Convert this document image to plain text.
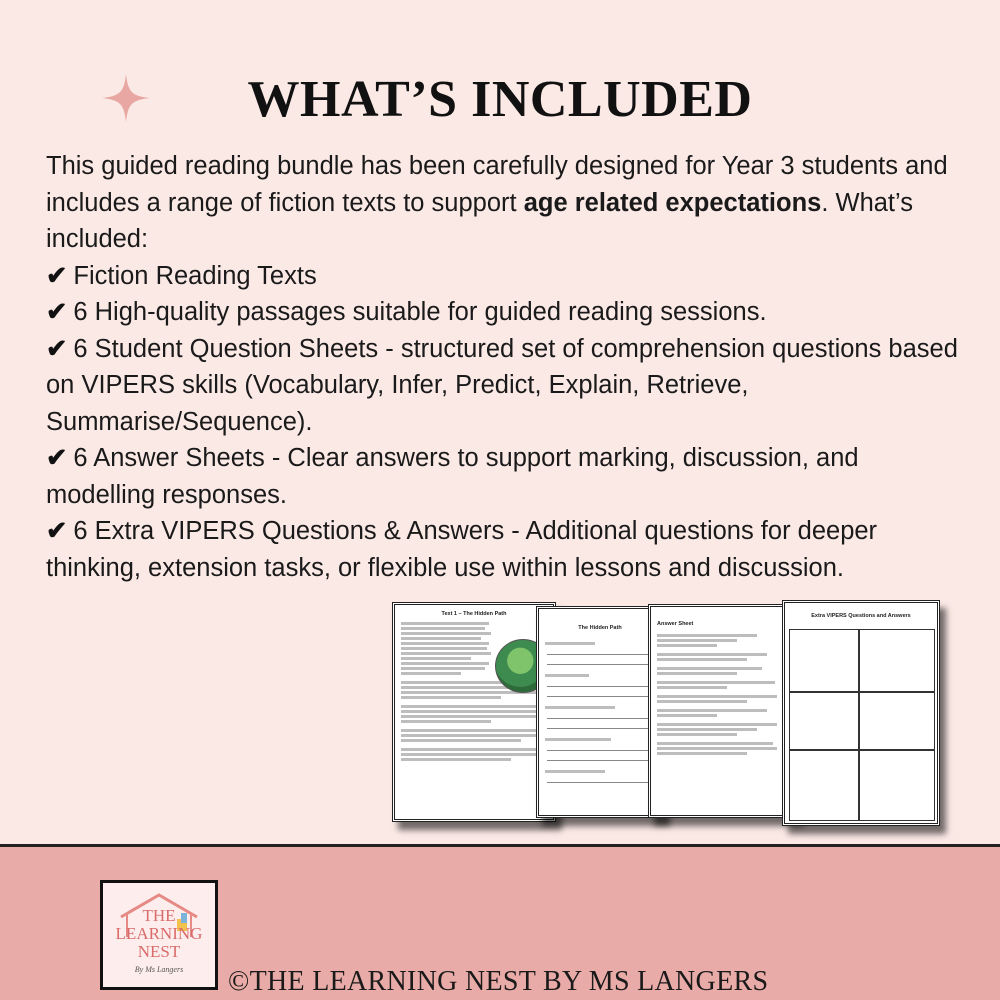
WHAT’S INCLUDED

This guided reading bundle has been carefully designed for Year 3 students and includes a range of fiction texts to support age related expectations. What’s included:

✔ Fiction Reading Texts

✔ 6 High-quality passages suitable for guided reading sessions.

✔ 6 Student Question Sheets - structured set of comprehension questions based on VIPERS skills (Vocabulary, Infer, Predict, Explain, Retrieve, Summarise/Sequence).

✔ 6 Answer Sheets - Clear answers to support marking, discussion, and modelling responses.

✔ 6 Extra VIPERS Questions & Answers - Additional questions for deeper thinking, extension tasks, or flexible use within lessons and discussion.

Text 1 – The Hidden Path
The Hidden Path
Answer Sheet
Extra VIPERS Questions and Answers
THE
LEARNING
NEST
By Ms Langers	©THE LEARNING NEST BY MS LANGERS
